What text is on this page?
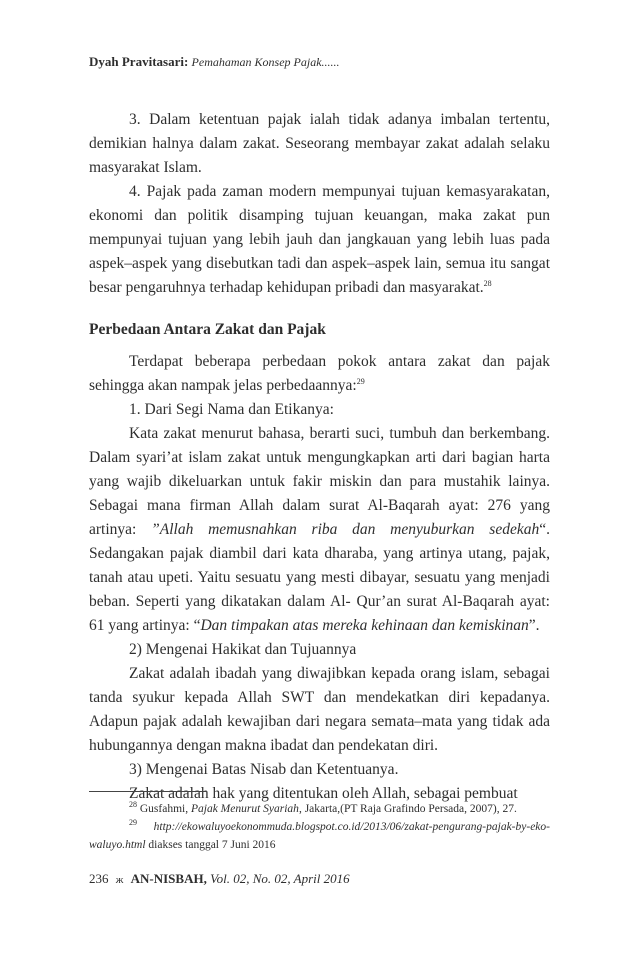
Dyah Pravitasari: Pemahaman Konsep Pajak......

3. Dalam ketentuan pajak ialah tidak adanya imbalan tertentu, demikian halnya dalam zakat. Seseorang membayar zakat adalah selaku masyarakat Islam.

4. Pajak pada zaman modern mempunyai tujuan kemasyarakatan, ekonomi dan politik disamping tujuan keuangan, maka zakat pun mempunyai tujuan yang lebih jauh dan jangkauan yang lebih luas pada aspek–aspek yang disebutkan tadi dan aspek–aspek lain, semua itu sangat besar pengaruhnya terhadap kehidupan pribadi dan masyarakat.$^{28}$

Perbedaan Antara Zakat dan Pajak

Terdapat beberapa perbedaan pokok antara zakat dan pajak sehingga akan nampak jelas perbedaannya:$^{29}$

1. Dari Segi Nama dan Etikanya:

Kata zakat menurut bahasa, berarti suci, tumbuh dan berkembang. Dalam syari’at islam zakat untuk mengungkapkan arti dari bagian harta yang wajib dikeluarkan untuk fakir miskin dan para mustahik lainya. Sebagai mana firman Allah dalam surat Al-Baqarah ayat: 276 yang artinya: ”Allah memusnahkan riba dan menyuburkan sedekah“. Sedangakan pajak diambil dari kata dharaba, yang artinya utang, pajak, tanah atau upeti. Yaitu sesuatu yang mesti dibayar, sesuatu yang menjadi beban. Seperti yang dikatakan dalam Al- Qur’an surat Al-Baqarah ayat: 61 yang artinya: “Dan timpakan atas mereka kehinaan dan kemiskinan”.

2) Mengenai Hakikat dan Tujuannya

Zakat adalah ibadah yang diwajibkan kepada orang islam, sebagai tanda syukur kepada Allah SWT dan mendekatkan diri kepadanya. Adapun pajak adalah kewajiban dari negara semata–mata yang tidak ada hubungannya dengan makna ibadat dan pendekatan diri.

3) Mengenai Batas Nisab dan Ketentuanya.

Zakat adalah hak yang ditentukan oleh Allah, sebagai pembuat

$^{28}$ Gusfahmi, Pajak Menurut Syariah, Jakarta,(PT Raja Grafindo Persada, 2007), 27.

$^{29}$ http://ekowaluyoekonommuda.blogspot.co.id/2013/06/zakat-pengurang-pajak-by-eko-waluyo.html diakses tanggal 7 Juni 2016

236 ж AN-NISBAH, Vol. 02, No. 02, April 2016
